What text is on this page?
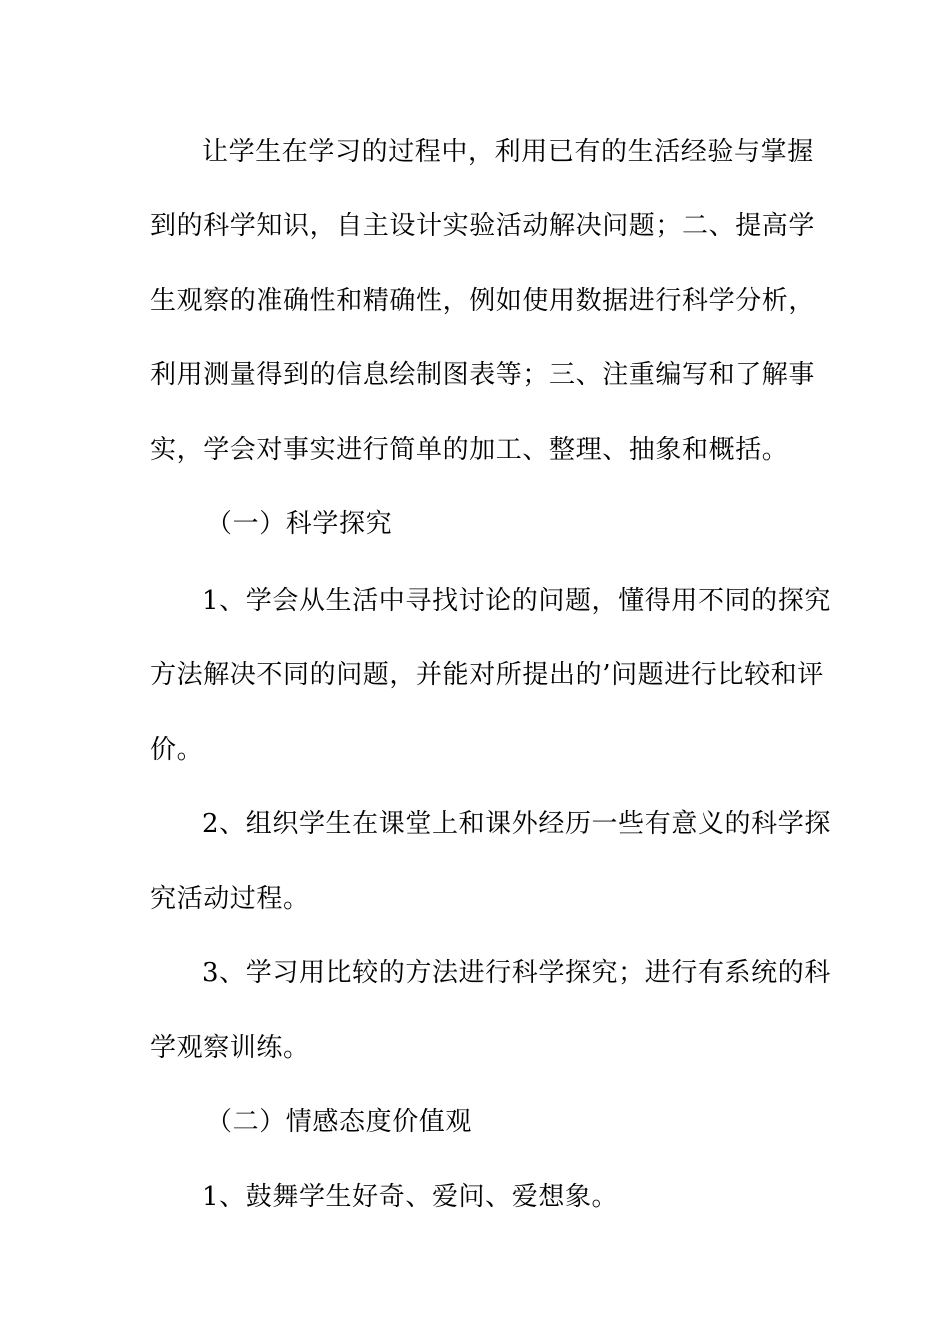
让学生在学习的过程中，利用已有的生活经验与掌握
到的科学知识，自主设计实验活动解决问题；二、提高学
生观察的准确性和精确性，例如使用数据进行科学分析，
利用测量得到的信息绘制图表等；三、注重编写和了解事
实，学会对事实进行简单的加工、整理、抽象和概括。
（一）科学探究
1、学会从生活中寻找讨论的问题，懂得用不同的探究
方法解决不同的问题，并能对所提出的’问题进行比较和评
价。
2、组织学生在课堂上和课外经历一些有意义的科学探
究活动过程。
3、学习用比较的方法进行科学探究；进行有系统的科
学观察训练。
（二）情感态度价值观
1、鼓舞学生好奇、爱问、爱想象。
